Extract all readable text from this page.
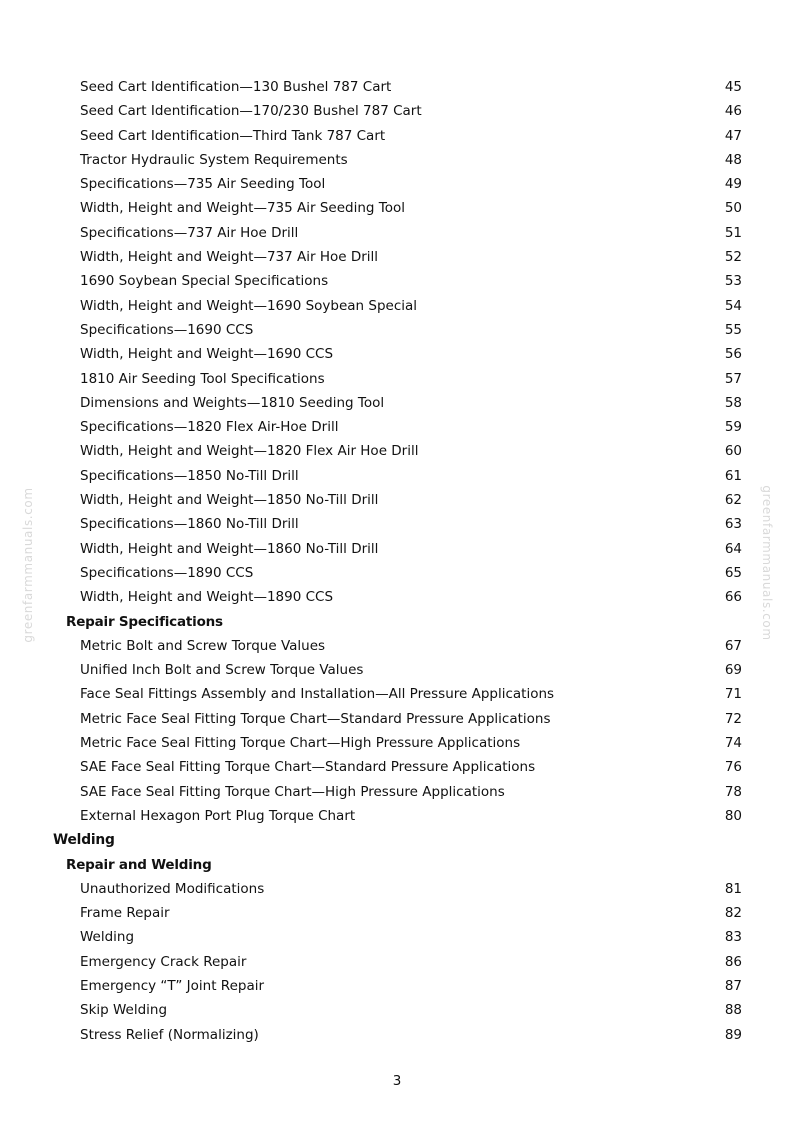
Seed Cart Identification—130 Bushel 787 Cart	45
Seed Cart Identification—170/230 Bushel 787 Cart	46
Seed Cart Identification—Third Tank 787 Cart	47
Tractor Hydraulic System Requirements	48
Specifications—735 Air Seeding Tool	49
Width, Height and Weight—735 Air Seeding Tool	50
Specifications—737 Air Hoe Drill	51
Width, Height and Weight—737 Air Hoe Drill	52
1690 Soybean Special Specifications	53
Width, Height and Weight—1690 Soybean Special	54
Specifications—1690 CCS	55
Width, Height and Weight—1690 CCS	56
1810 Air Seeding Tool Specifications	57
Dimensions and Weights—1810 Seeding Tool	58
Specifications—1820 Flex Air-Hoe Drill	59
Width, Height and Weight—1820 Flex Air Hoe Drill	60
Specifications—1850 No-Till Drill	61
Width, Height and Weight—1850 No-Till Drill	62
Specifications—1860 No-Till Drill	63
Width, Height and Weight—1860 No-Till Drill	64
Specifications—1890 CCS	65
Width, Height and Weight—1890 CCS	66
Repair Specifications
Metric Bolt and Screw Torque Values	67
Unified Inch Bolt and Screw Torque Values	69
Face Seal Fittings Assembly and Installation—All Pressure Applications	71
Metric Face Seal Fitting Torque Chart—Standard Pressure Applications	72
Metric Face Seal Fitting Torque Chart—High Pressure Applications	74
SAE Face Seal Fitting Torque Chart—Standard Pressure Applications	76
SAE Face Seal Fitting Torque Chart—High Pressure Applications	78
External Hexagon Port Plug Torque Chart	80
Welding
Repair and Welding
Unauthorized Modifications	81
Frame Repair	82
Welding	83
Emergency Crack Repair	86
Emergency “T” Joint Repair	87
Skip Welding	88
Stress Relief (Normalizing)	89
greenfarmmanuals.com	greenfarmmanuals.com
3
